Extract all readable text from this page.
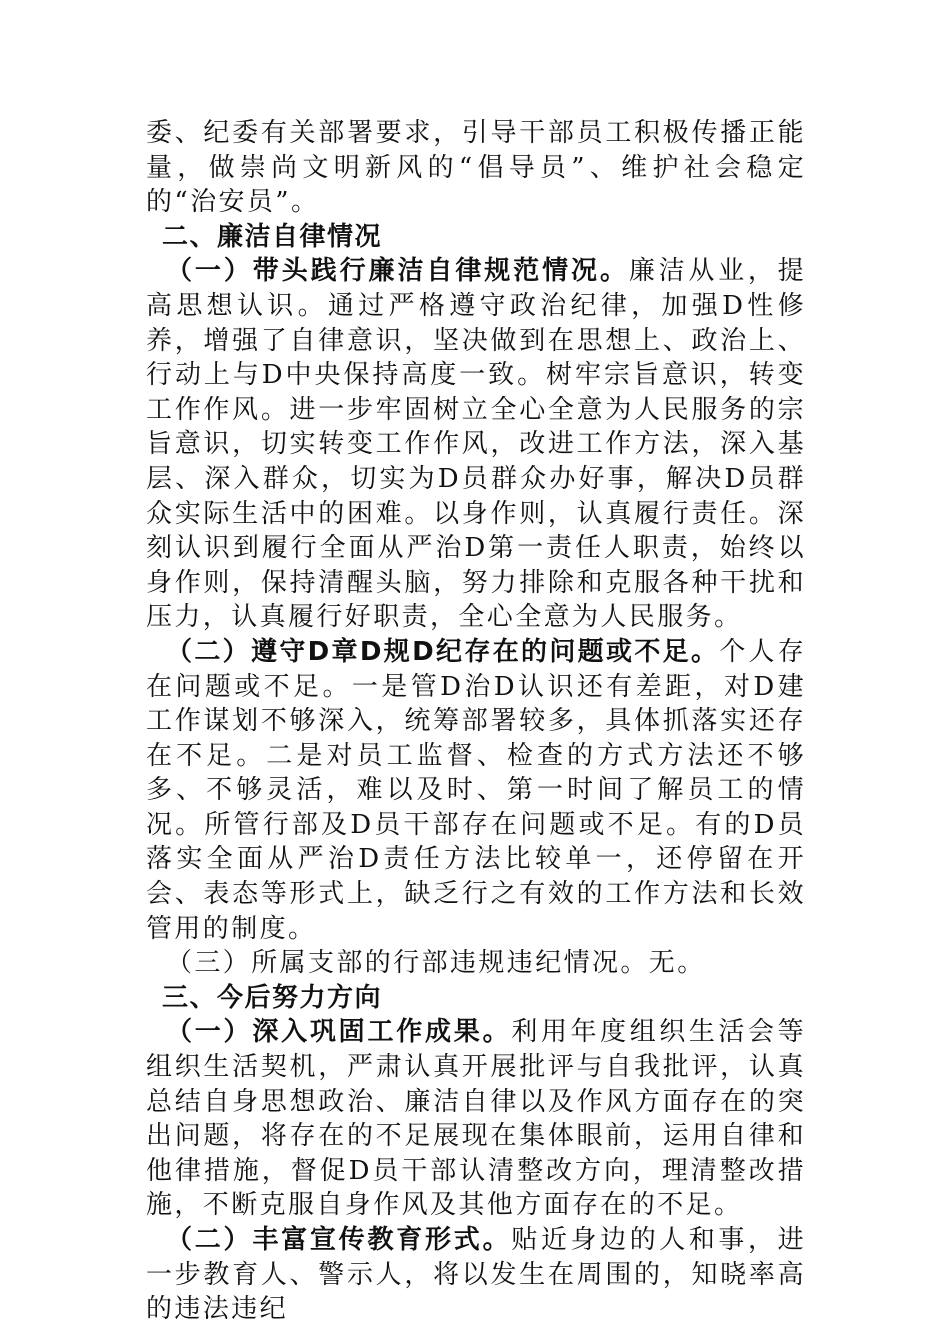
委、纪委有关部署要求，引导干部员工积极传播正能量，做崇尚文明新风的“倡导员”、维护社会稳定的“治安员”。

二、廉洁自律情况

（一）带头践行廉洁自律规范情况。廉洁从业，提高思想认识。通过严格遵守政治纪律，加强D性修养，增强了自律意识，坚决做到在思想上、政治上、行动上与D中央保持高度一致。树牢宗旨意识，转变工作作风。进一步牢固树立全心全意为人民服务的宗旨意识，切实转变工作作风，改进工作方法，深入基层、深入群众，切实为D员群众办好事，解决D员群众实际生活中的困难。以身作则，认真履行责任。深刻认识到履行全面从严治D第一责任人职责，始终以身作则，保持清醒头脑，努力排除和克服各种干扰和压力，认真履行好职责，全心全意为人民服务。

（二）遵守D章D规D纪存在的问题或不足。个人存在问题或不足。一是管D治D认识还有差距，对D建工作谋划不够深入，统筹部署较多，具体抓落实还存在不足。二是对员工监督、检查的方式方法还不够多、不够灵活，难以及时、第一时间了解员工的情况。所管行部及D员干部存在问题或不足。有的D员落实全面从严治D责任方法比较单一，还停留在开会、表态等形式上，缺乏行之有效的工作方法和长效管用的制度。

（三）所属支部的行部违规违纪情况。无。

三、今后努力方向

（一）深入巩固工作成果。利用年度组织生活会等组织生活契机，严肃认真开展批评与自我批评，认真总结自身思想政治、廉洁自律以及作风方面存在的突出问题，将存在的不足展现在集体眼前，运用自律和他律措施，督促D员干部认清整改方向，理清整改措施，不断克服自身作风及其他方面存在的不足。

（二）丰富宣传教育形式。贴近身边的人和事，进一步教育人、警示人，将以发生在周围的，知晓率高的违法违纪
